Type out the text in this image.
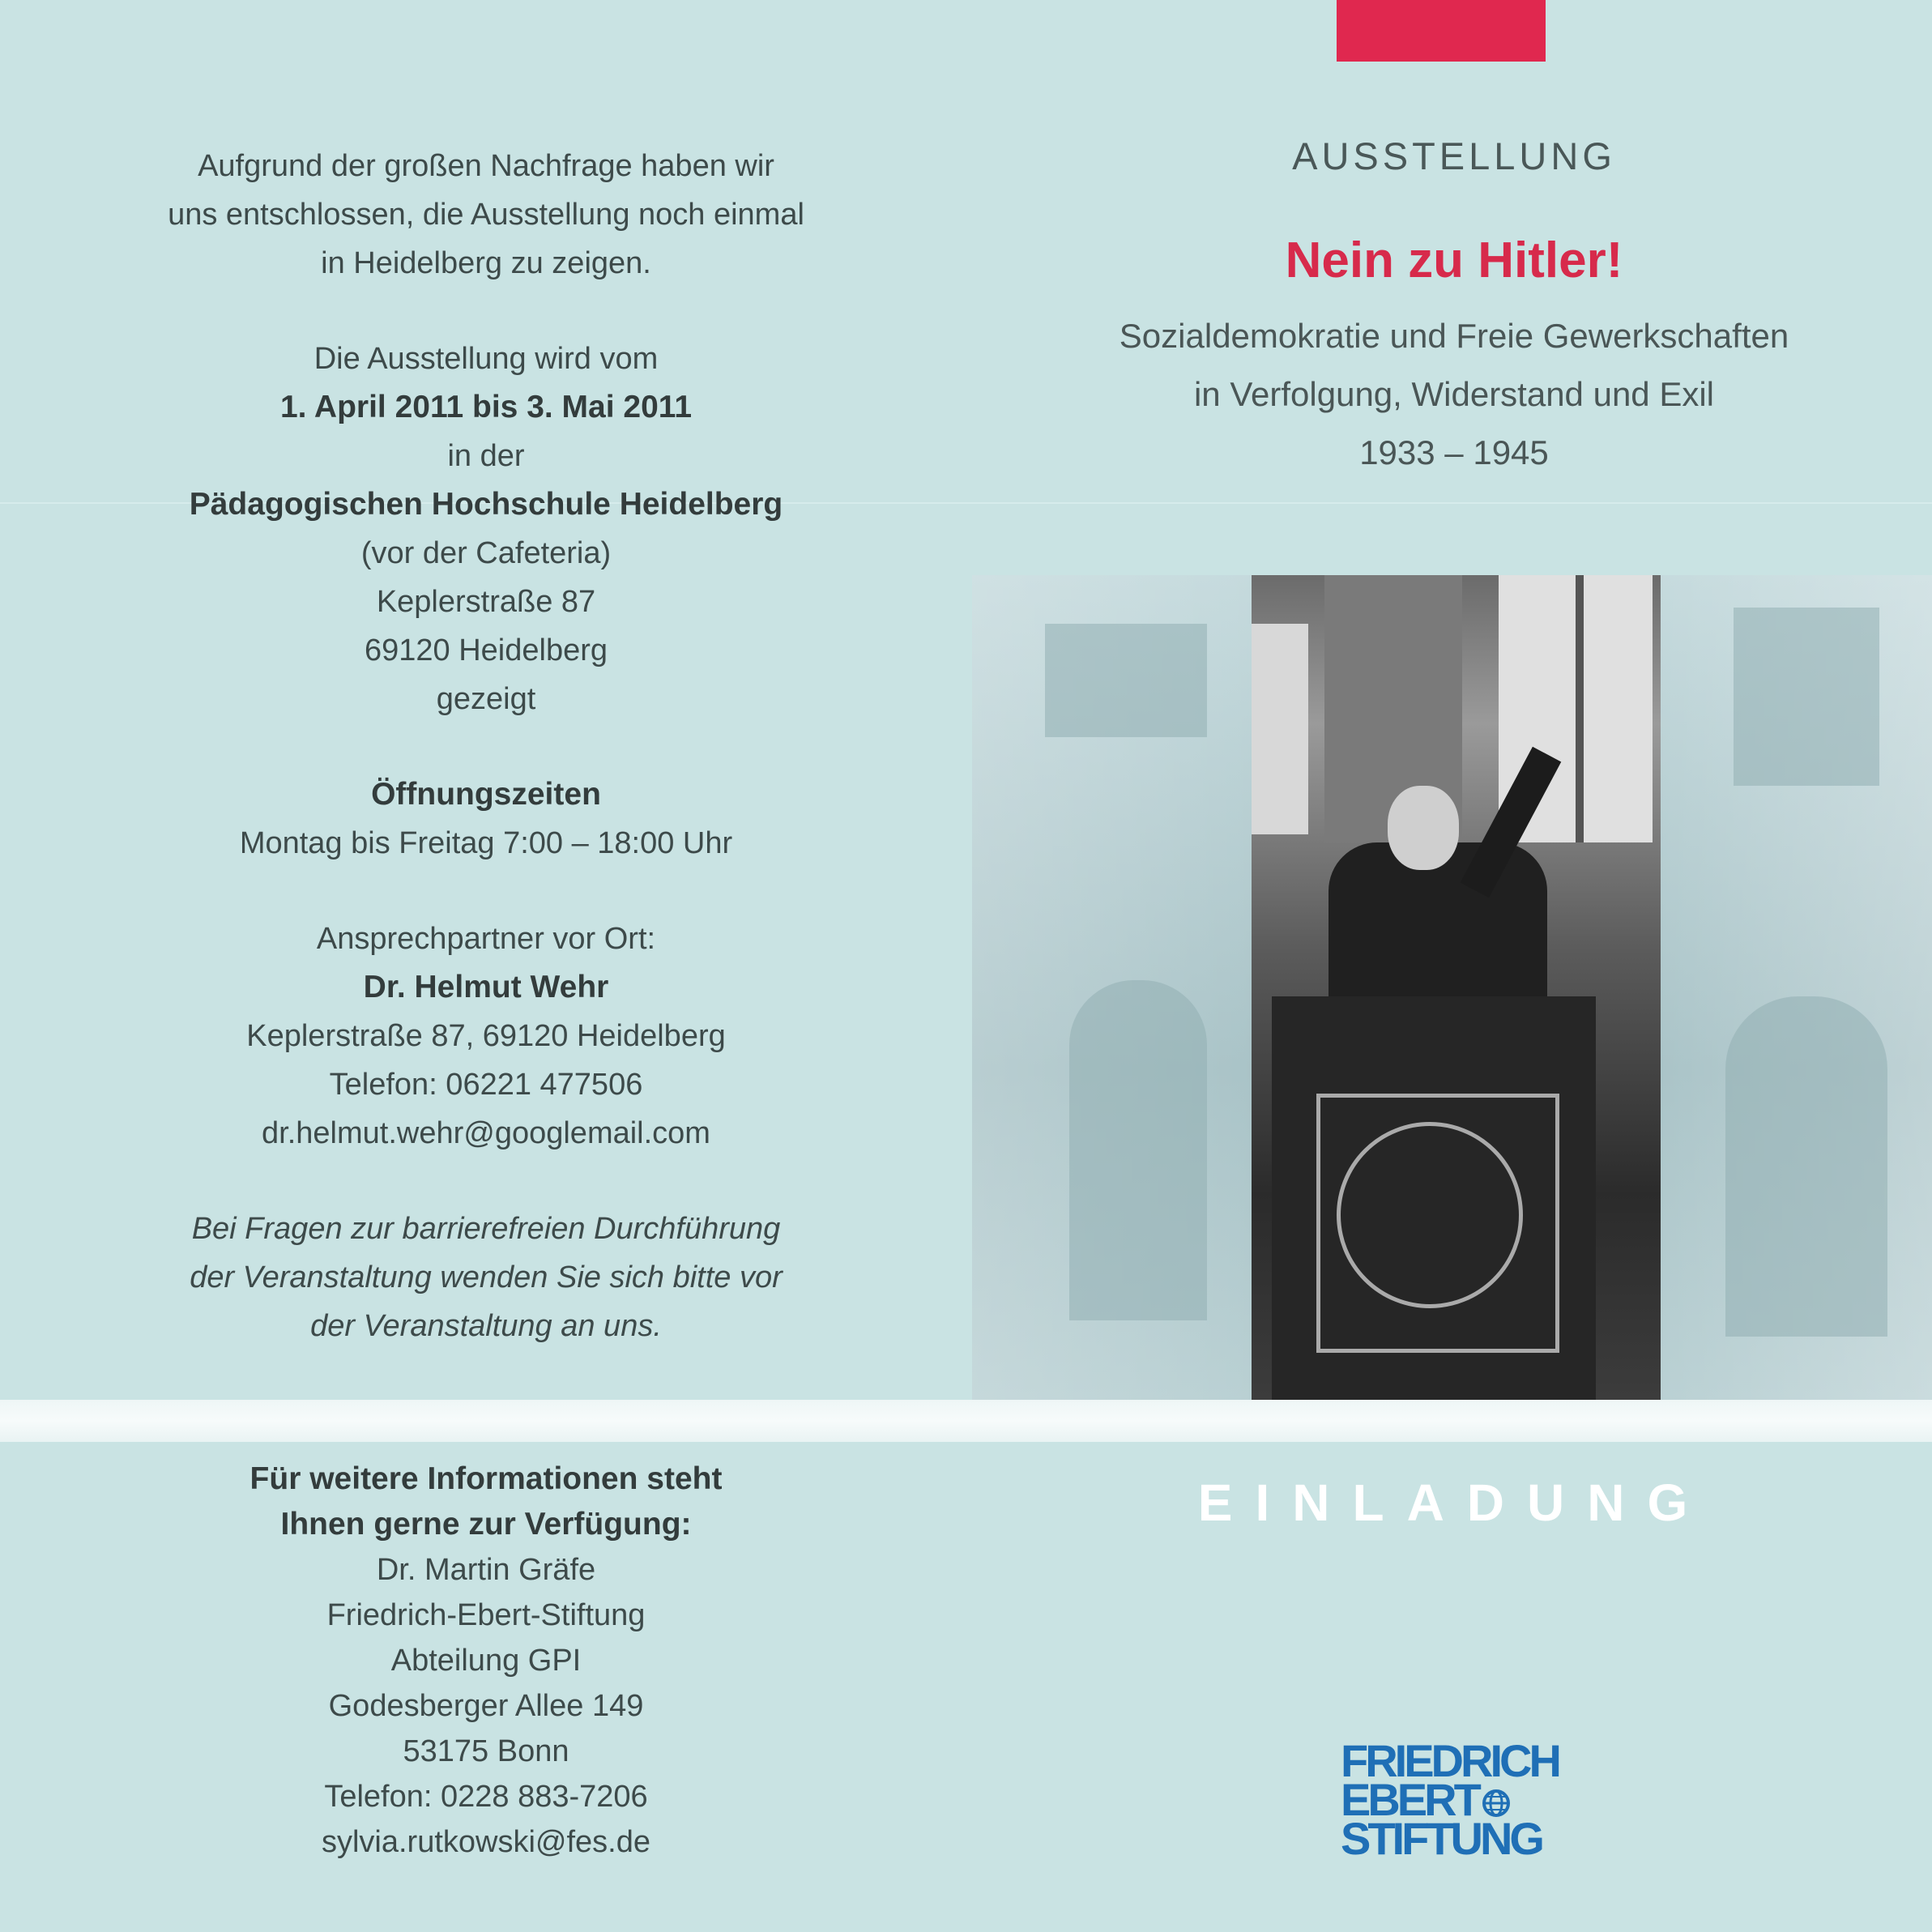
Aufgrund der großen Nachfrage haben wir
uns entschlossen, die Ausstellung noch einmal
in Heidelberg zu zeigen.
Die Ausstellung wird vom
1. April 2011 bis 3. Mai 2011
in der
Pädagogischen Hochschule Heidelberg
(vor der Cafeteria)
Keplerstraße 87
69120 Heidelberg
gezeigt
Öffnungszeiten
Montag bis Freitag 7:00 – 18:00 Uhr
Ansprechpartner vor Ort:
Dr. Helmut Wehr
Keplerstraße 87, 69120 Heidelberg
Telefon: 06221 477506
dr.helmut.wehr@googlemail.com
Bei Fragen zur barrierefreien Durchführung
der Veranstaltung wenden Sie sich bitte vor
der Veranstaltung an uns.
Für weitere Informationen steht
Ihnen gerne zur Verfügung:
Dr. Martin Gräfe
Friedrich-Ebert-Stiftung
Abteilung GPI
Godesberger Allee 149
53175 Bonn
Telefon: 0228 883-7206
sylvia.rutkowski@fes.de
AUSSTELLUNG
Nein zu Hitler!
Sozialdemokratie und Freie Gewerkschaften
in Verfolgung, Widerstand und Exil
1933 – 1945
EINLADUNG
FRIEDRICH
EBERT
STIFTUNG
